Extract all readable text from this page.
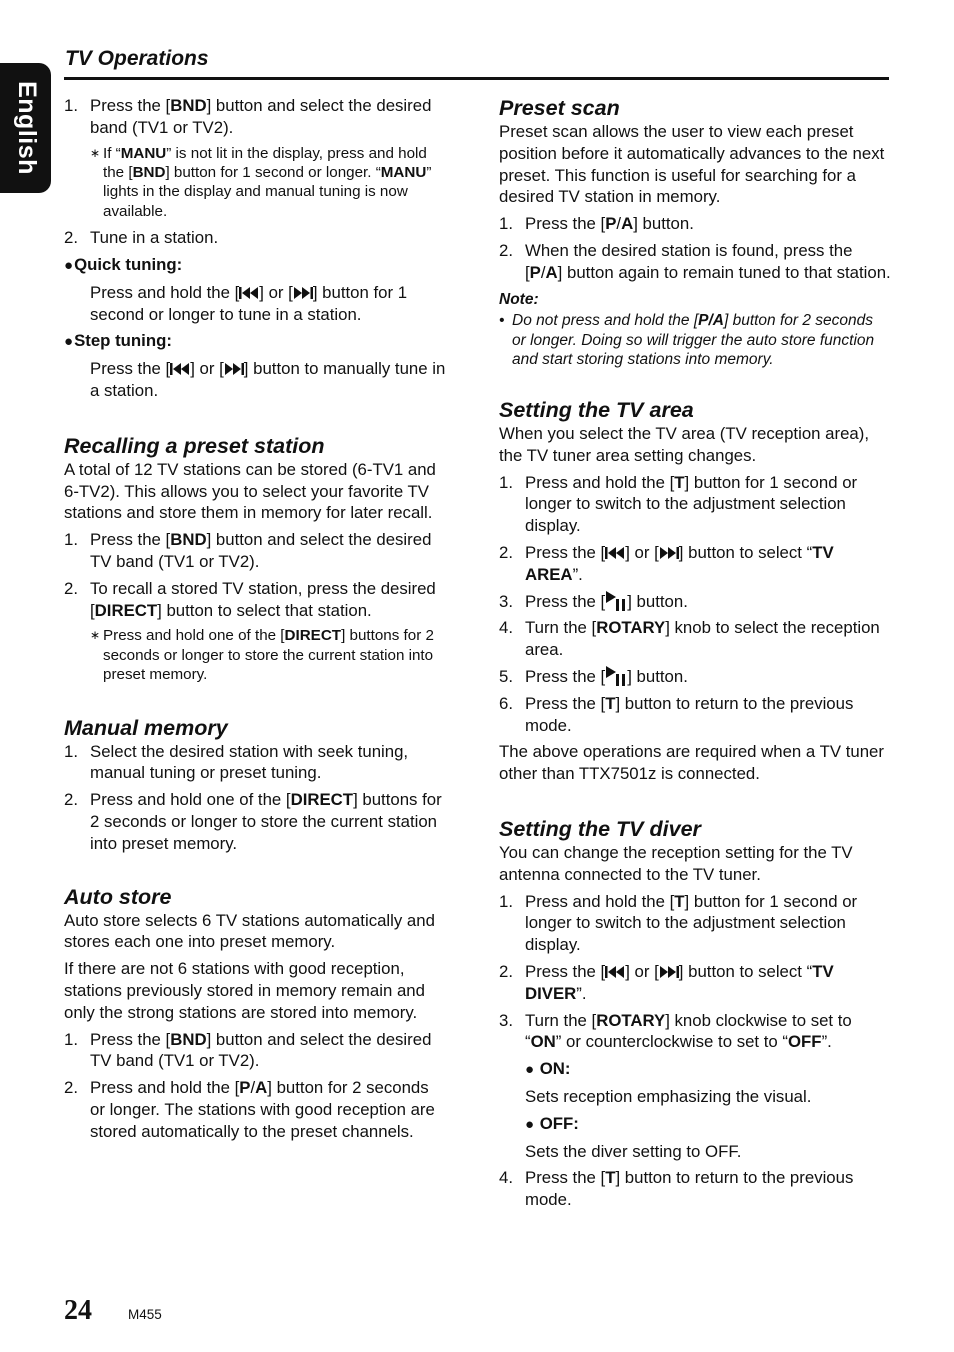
English
TV Operations
1. Press the [BND] button and select the desired band (TV1 or TV2).
∗ If “MANU” is not lit in the display, press and hold the [BND] button for 1 second or longer. “MANU” lights in the display and manual tuning is now available.
2. Tune in a station.
●Quick tuning:
Press and hold the [ ] or [ ] button for 1 second or longer to tune in a station.
●Step tuning:
Press the [ ] or [ ] button to manually tune in a station.
Recalling a preset station

A total of 12 TV stations can be stored (6-TV1 and 6-TV2). This allows you to select your favorite TV stations and store them in memory for later recall.

1. Press the [BND] button and select the desired TV band (TV1 or TV2).
2. To recall a stored TV station, press the desired [DIRECT] button to select that station.
∗ Press and hold one of the [DIRECT] buttons for 2 seconds or longer to store the current station into preset memory.
Manual memory
1. Select the desired station with seek tuning, manual tuning or preset tuning.
2. Press and hold one of the [DIRECT] buttons for 2 seconds or longer to store the current station into preset memory.
Auto store

Auto store selects 6 TV stations automatically and stores each one into preset memory.

If there are not 6 stations with good reception, stations previously stored in memory remain and only the strong stations are stored into memory.

1. Press the [BND] button and select the desired TV band (TV1 or TV2).
2. Press and hold the [P/A] button for 2 seconds or longer. The stations with good reception are stored automatically to the preset channels.
Preset scan

Preset scan allows the user to view each preset position before it automatically advances to the next preset. This function is useful for searching for a desired TV station in memory.

1. Press the [P/A] button.
2. When the desired station is found, press the [P/A] button again to remain tuned to that station.
Note:
• Do not press and hold the [P/A] button for 2 seconds or longer. Doing so will trigger the auto store function and start storing stations into memory.
Setting the TV area

When you select the TV area (TV reception area), the TV tuner area setting changes.

1. Press and hold the [T] button for 1 second or longer to switch to the adjustment selection display.
2. Press the [ ] or [ ] button to select “TV AREA”.
3. Press the [ ] button.
4. Turn the [ROTARY] knob to select the reception area.
5. Press the [ ] button.
6. Press the [T] button to return to the previous mode.

The above operations are required when a TV tuner other than TTX7501z is connected.

Setting the TV diver

You can change the reception setting for the TV antenna connected to the TV tuner.

1. Press and hold the [T] button for 1 second or longer to switch to the adjustment selection display.
2. Press the [ ] or [ ] button to select “TV DIVER”.
3. Turn the [ROTARY] knob clockwise to set to “ON” or counterclockwise to set to “OFF”.
● ON:
Sets reception emphasizing the visual.
● OFF:
Sets the diver setting to OFF.
4. Press the [T] button to return to the previous mode.
24	M455
